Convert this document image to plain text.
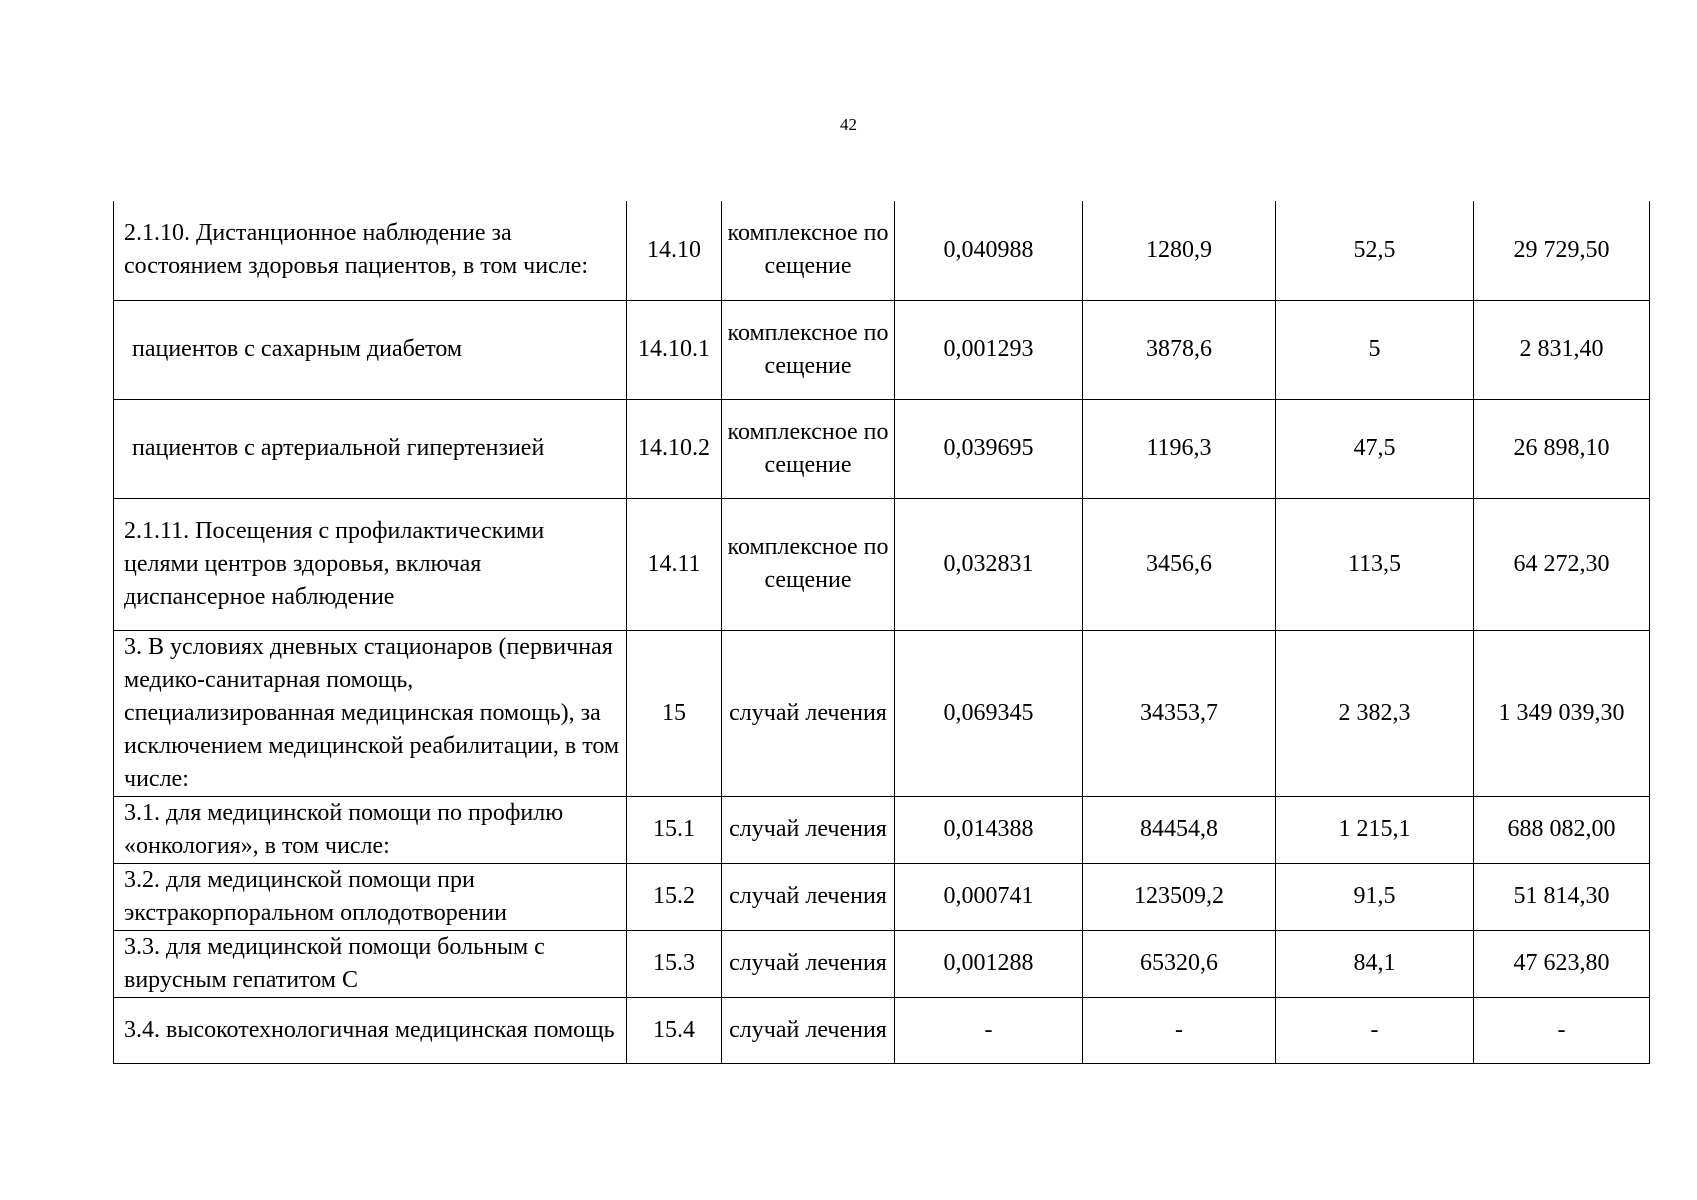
42
2.1.10. Дистанционное наблюдение за состоянием здоровья пациентов, в том числе:	14.10	комплексное посещение	0,040988	1280,9	52,5	29 729,50
пациентов с сахарным диабетом	14.10.1	комплексное посещение	0,001293	3878,6	5	2 831,40
пациентов с артериальной гипертензией	14.10.2	комплексное посещение	0,039695	1196,3	47,5	26 898,10
2.1.11. Посещения с профилактическими целями центров здоровья, включая диспансерное наблюдение	14.11	комплексное посещение	0,032831	3456,6	113,5	64 272,30
3. В условиях дневных стационаров (первичная медико-санитарная помощь, специализированная медицинская помощь), за исключением медицинской реабилитации, в том числе:	15	случай лечения	0,069345	34353,7	2 382,3	1 349 039,30
3.1. для медицинской помощи по профилю «онкология», в том числе:	15.1	случай лечения	0,014388	84454,8	1 215,1	688 082,00
3.2. для медицинской помощи при экстракорпоральном оплодотворении	15.2	случай лечения	0,000741	123509,2	91,5	51 814,30
3.3. для медицинской помощи больным с вирусным гепатитом С	15.3	случай лечения	0,001288	65320,6	84,1	47 623,80
3.4. высокотехнологичная медицинская помощь	15.4	случай лечения	-	-	-	-
